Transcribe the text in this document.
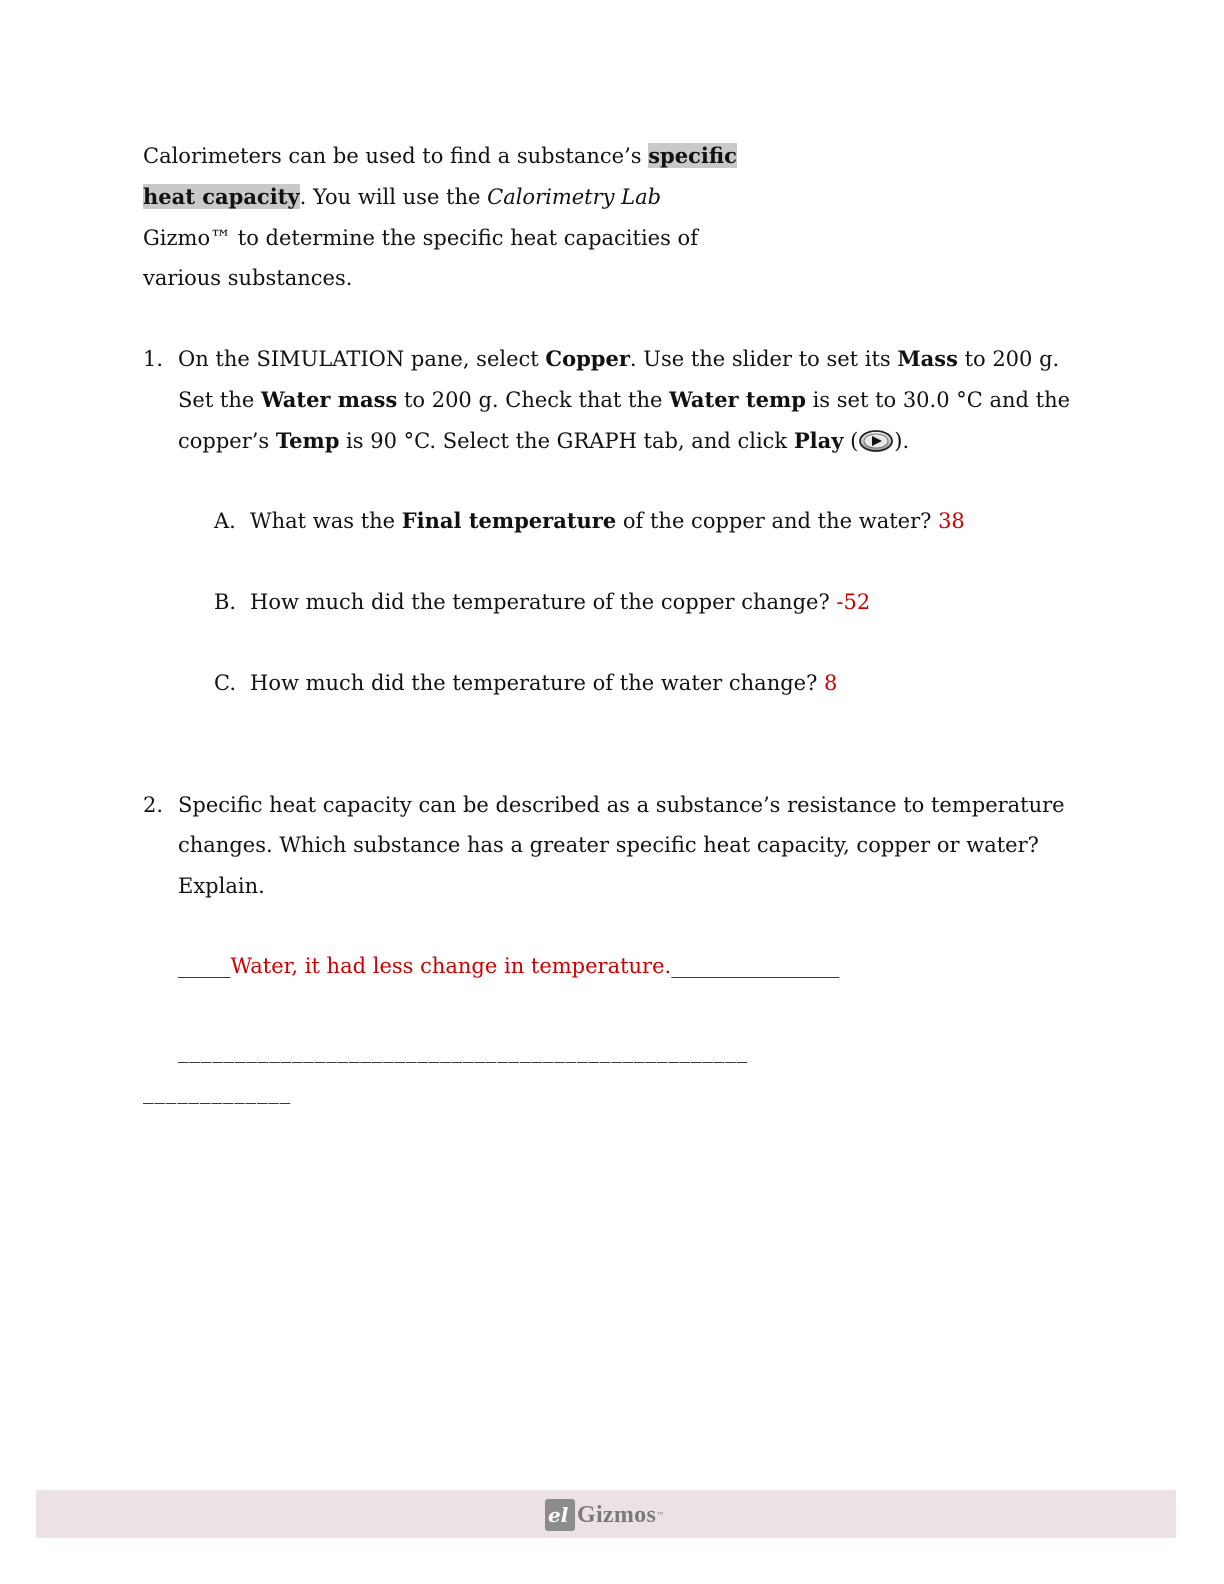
Calorimeters can be used to find a substance’s specific
heat capacity. You will use the Calorimetry Lab
Gizmo™ to determine the specific heat capacities of
various substances.
1. On the SIMULATION pane, select Copper. Use the slider to set its Mass to 200 g.
Set the Water mass to 200 g. Check that the Water temp is set to 30.0 °C and the
copper’s Temp is 90 °C. Select the GRAPH tab, and click Play ( ).
A. What was the Final temperature of the copper and the water? 38
B. How much did the temperature of the copper change? -52
C. How much did the temperature of the water change? 8
2. Specific heat capacity can be described as a substance’s resistance to temperature
changes. Which substance has a greater specific heat capacity, copper or water?
Explain.
_____Water, it had less change in temperature.________________
__________________________________________________
_____________
el Gizmos ™
